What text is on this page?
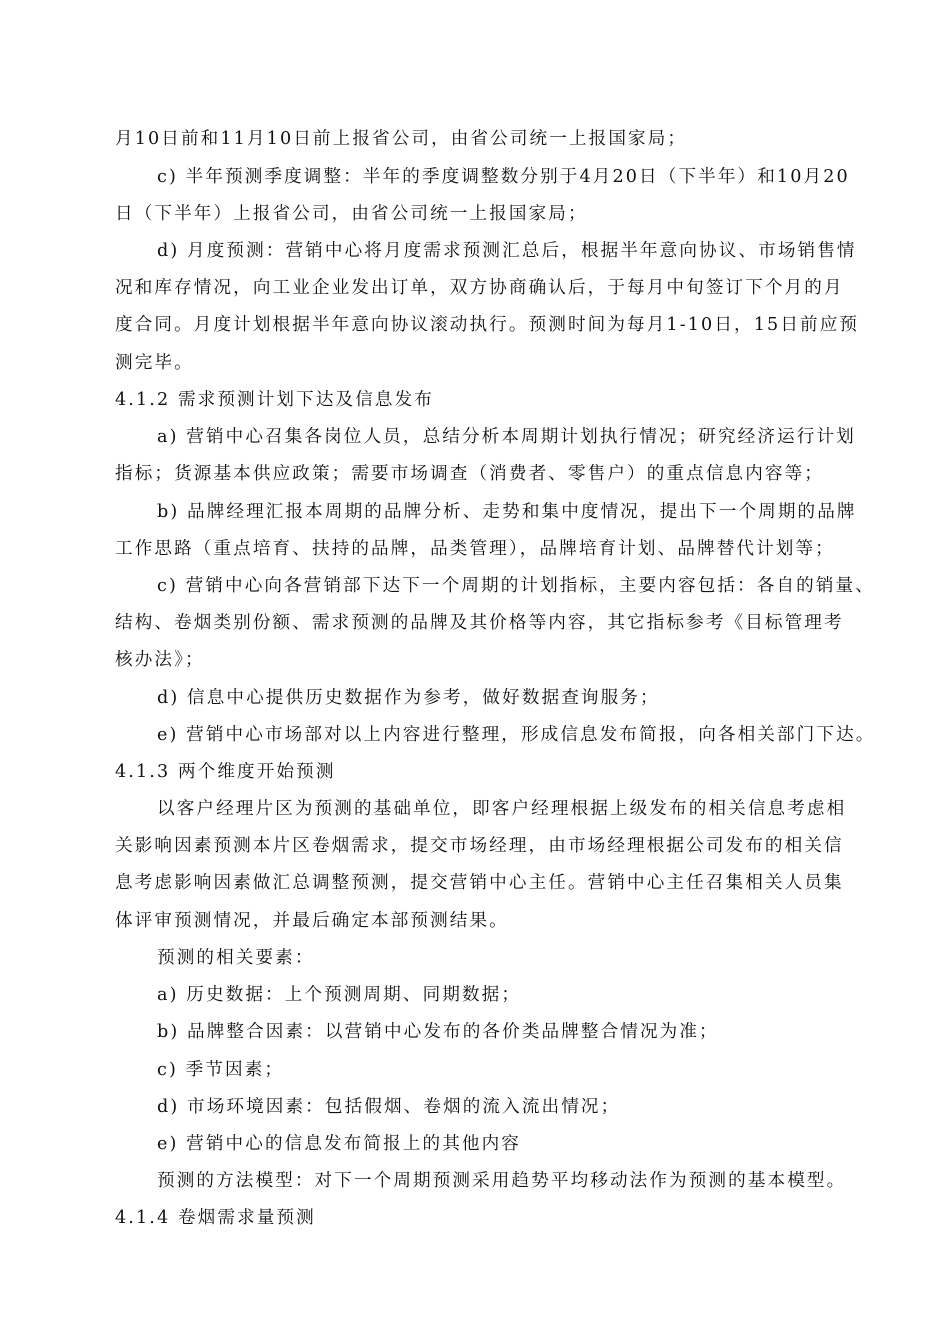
月10日前和11月10日前上报省公司，由省公司统一上报国家局；
c) 半年预测季度调整：半年的季度调整数分别于4月20日（下半年）和10月20
日（下半年）上报省公司，由省公司统一上报国家局；
d) 月度预测：营销中心将月度需求预测汇总后，根据半年意向协议、市场销售情
况和库存情况，向工业企业发出订单，双方协商确认后，于每月中旬签订下个月的月
度合同。月度计划根据半年意向协议滚动执行。预测时间为每月1-10日，15日前应预
测完毕。
4.1.2 需求预测计划下达及信息发布
a) 营销中心召集各岗位人员，总结分析本周期计划执行情况；研究经济运行计划
指标；货源基本供应政策；需要市场调查（消费者、零售户）的重点信息内容等；
b) 品牌经理汇报本周期的品牌分析、走势和集中度情况，提出下一个周期的品牌
工作思路（重点培育、扶持的品牌，品类管理），品牌培育计划、品牌替代计划等；
c) 营销中心向各营销部下达下一个周期的计划指标，主要内容包括：各自的销量、
结构、卷烟类别份额、需求预测的品牌及其价格等内容，其它指标参考《目标管理考
核办法》；
d) 信息中心提供历史数据作为参考，做好数据查询服务；
e) 营销中心市场部对以上内容进行整理，形成信息发布简报，向各相关部门下达。
4.1.3 两个维度开始预测
以客户经理片区为预测的基础单位，即客户经理根据上级发布的相关信息考虑相
关影响因素预测本片区卷烟需求，提交市场经理，由市场经理根据公司发布的相关信
息考虑影响因素做汇总调整预测，提交营销中心主任。营销中心主任召集相关人员集
体评审预测情况，并最后确定本部预测结果。
预测的相关要素：
a) 历史数据：上个预测周期、同期数据；
b) 品牌整合因素：以营销中心发布的各价类品牌整合情况为准；
c) 季节因素；
d) 市场环境因素：包括假烟、卷烟的流入流出情况；
e) 营销中心的信息发布简报上的其他内容
预测的方法模型：对下一个周期预测采用趋势平均移动法作为预测的基本模型。
4.1.4 卷烟需求量预测
